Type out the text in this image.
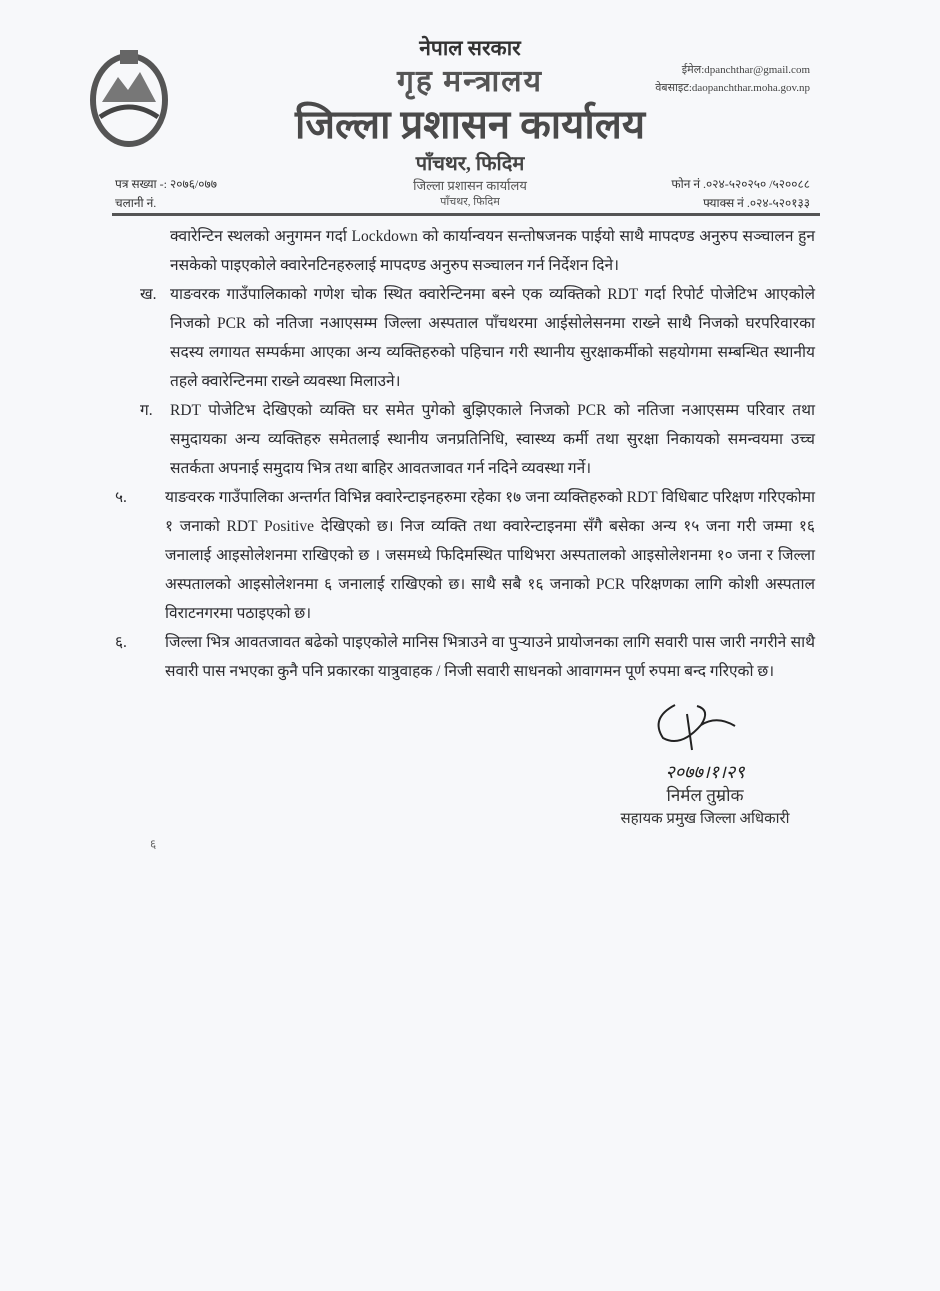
नेपाल सरकार
ईमेल:dpanchthar@gmail.com
वेबसाइट:daopanchthar.moha.gov.np
गृह मन्त्रालय
जिल्ला प्रशासन कार्यालय
पाँचथर, फिदिम
जिल्ला प्रशासन कार्यालय
पाँचथर, फिदिम
पत्र सख्या -: २०७६/०७७
चलानी नं.
फोन नं .०२४-५२०२५० /५२००८८
फ्याक्स नं .०२४-५२०१३३
क्वारेन्टिन स्थलको अनुगमन गर्दा Lockdown को कार्यान्वयन सन्तोषजनक पाईयो साथै मापदण्ड अनुरुप सञ्चालन हुन नसकेको पाइएकोले क्वारेनटिनहरुलाई मापदण्ड अनुरुप सञ्चालन गर्न निर्देशन दिने।
ख. याङवरक गाउँपालिकाको गणेश चोक स्थित क्वारेन्टिनमा बस्ने एक व्यक्तिको RDT गर्दा रिपोर्ट पोजेटिभ आएकोले निजको PCR को नतिजा नआएसम्म जिल्ला अस्पताल पाँचथरमा आईसोलेसनमा राख्ने साथै निजको घरपरिवारका सदस्य लगायत सम्पर्कमा आएका अन्य व्यक्तिहरुको पहिचान गरी स्थानीय सुरक्षाकर्मीको सहयोगमा सम्बन्धित स्थानीय तहले क्वारेन्टिनमा राख्ने व्यवस्था मिलाउने।
ग. RDT पोजेटिभ देखिएको व्यक्ति घर समेत पुगेको बुझिएकाले निजको PCR को नतिजा नआएसम्म परिवार तथा समुदायका अन्य व्यक्तिहरु समेतलाई स्थानीय जनप्रतिनिधि, स्वास्थ्य कर्मी तथा सुरक्षा निकायको समन्वयमा उच्च सतर्कता अपनाई समुदाय भित्र तथा बाहिर आवतजावत गर्न नदिने व्यवस्था गर्ने।
५. याङवरक गाउँपालिका अन्तर्गत विभिन्न क्वारेन्टाइनहरुमा रहेका १७ जना व्यक्तिहरुको RDT विधिबाट परिक्षण गरिएकोमा १ जनाको RDT Positive देखिएको छ। निज व्यक्ति तथा क्वारेन्टाइनमा सँगै बसेका अन्य १५ जना गरी जम्मा १६ जनालाई आइसोलेशनमा राखिएको छ । जसमध्ये फिदिमस्थित पाथिभरा अस्पतालको आइसोलेशनमा १० जना र जिल्ला अस्पतालको आइसोलेशनमा ६ जनालाई राखिएको छ। साथै सबै १६ जनाको PCR परिक्षणका लागि कोशी अस्पताल विराटनगरमा पठाइएको छ।
६. जिल्ला भित्र आवतजावत बढेको पाइएकोले मानिस भित्राउने वा पुर्‍याउने प्रायोजनका लागि सवारी पास जारी नगरीने साथै सवारी पास नभएका कुनै पनि प्रकारका यात्रुवाहक / निजी सवारी साधनको आवागमन पूर्ण रुपमा बन्द गरिएको छ।
२०७७।१।२९
निर्मल तुम्रोक
सहायक प्रमुख जिल्ला अधिकारी
६
